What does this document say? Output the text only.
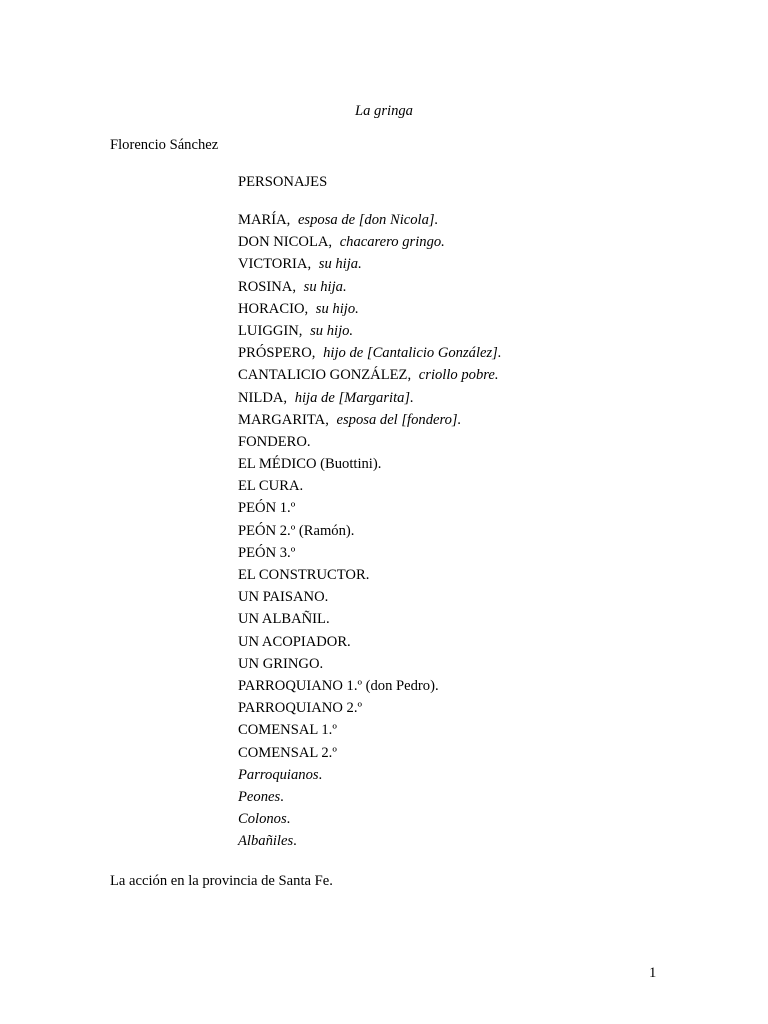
La gringa
Florencio Sánchez
PERSONAJES
MARÍA, esposa de [don Nicola].
DON NICOLA, chacarero gringo.
VICTORIA, su hija.
ROSINA, su hija.
HORACIO, su hijo.
LUIGGIN, su hijo.
PRÓSPERO, hijo de [Cantalicio González].
CANTALICIO GONZÁLEZ, criollo pobre.
NILDA, hija de [Margarita].
MARGARITA, esposa del [fondero].
FONDERO.
EL MÉDICO (Buottini).
EL CURA.
PEÓN 1.º
PEÓN 2.º (Ramón).
PEÓN 3.º
EL CONSTRUCTOR.
UN PAISANO.
UN ALBAÑIL.
UN ACOPIADOR.
UN GRINGO.
PARROQUIANO 1.º (don Pedro).
PARROQUIANO 2.º
COMENSAL 1.º
COMENSAL 2.º
Parroquianos.
Peones.
Colonos.
Albañiles.
La acción en la provincia de Santa Fe.
1
